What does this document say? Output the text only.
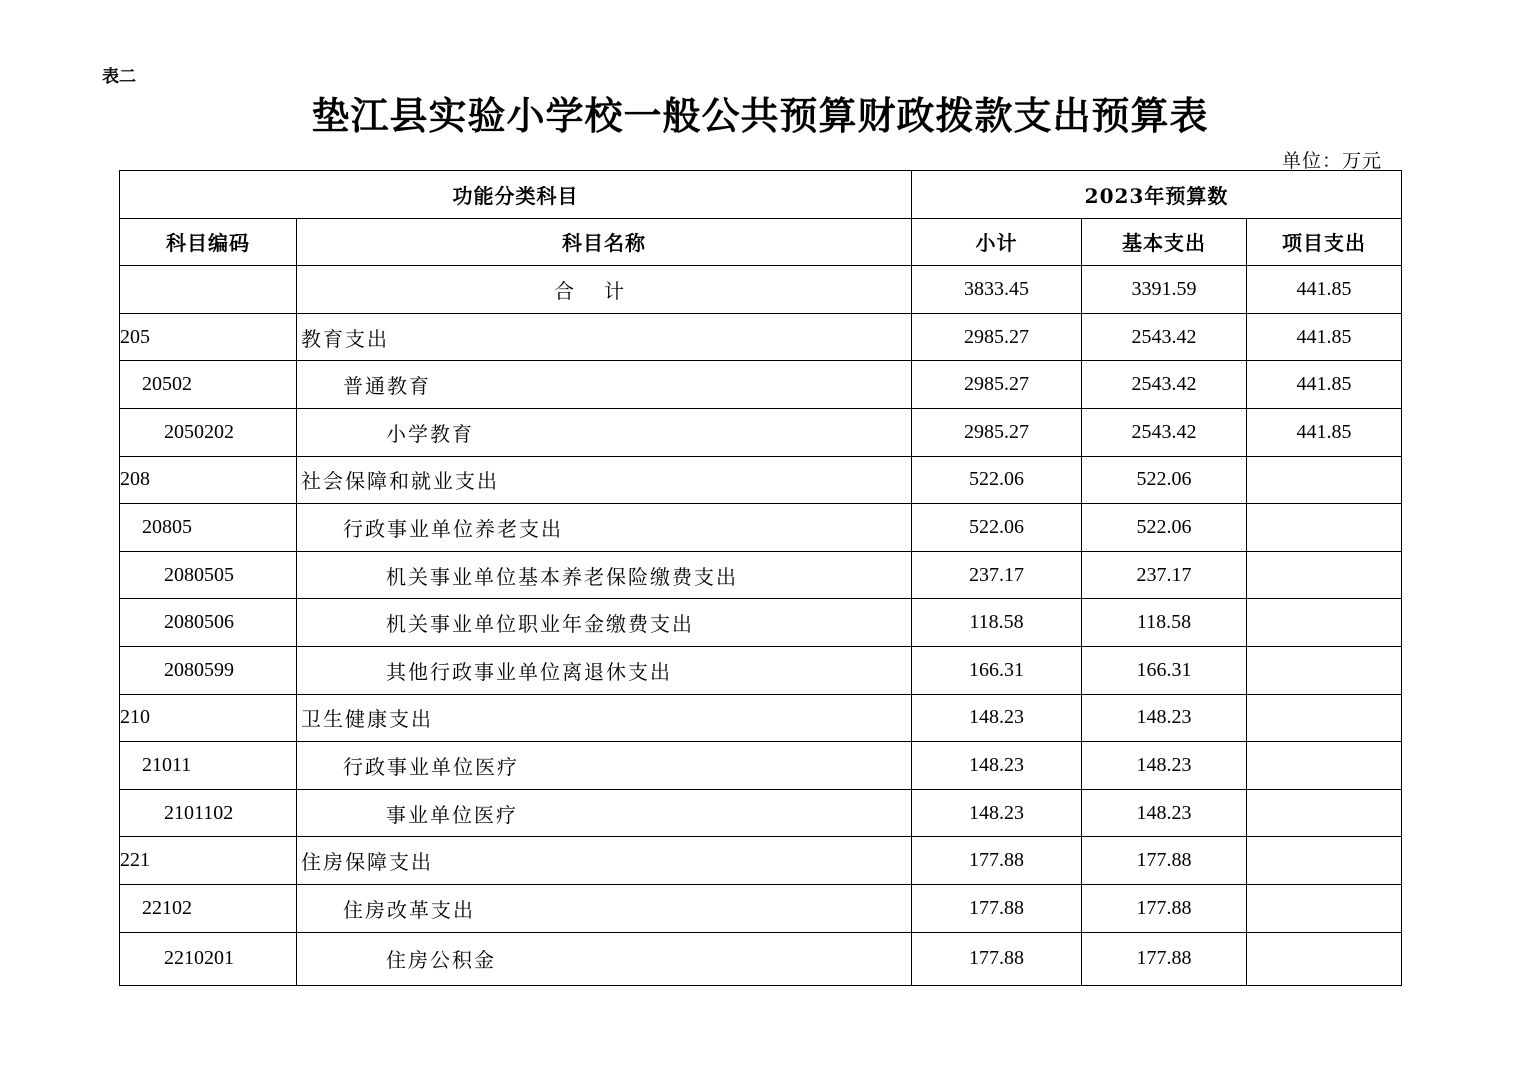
表二
垫江县实验小学校一般公共预算财政拨款支出预算表
单位：万元
功能分类科目		2023年预算数		
科目编码	科目名称	小计	基本支出	项目支出
	合计	3833.45	3391.59	441.85
205	教育支出	2985.27	2543.42	441.85
20502	普通教育	2985.27	2543.42	441.85
2050202	小学教育	2985.27	2543.42	441.85
208	社会保障和就业支出	522.06	522.06	
20805	行政事业单位养老支出	522.06	522.06	
2080505	机关事业单位基本养老保险缴费支出	237.17	237.17	
2080506	机关事业单位职业年金缴费支出	118.58	118.58	
2080599	其他行政事业单位离退休支出	166.31	166.31	
210	卫生健康支出	148.23	148.23	
21011	行政事业单位医疗	148.23	148.23	
2101102	事业单位医疗	148.23	148.23	
221	住房保障支出	177.88	177.88	
22102	住房改革支出	177.88	177.88	
2210201	住房公积金	177.88	177.88	
